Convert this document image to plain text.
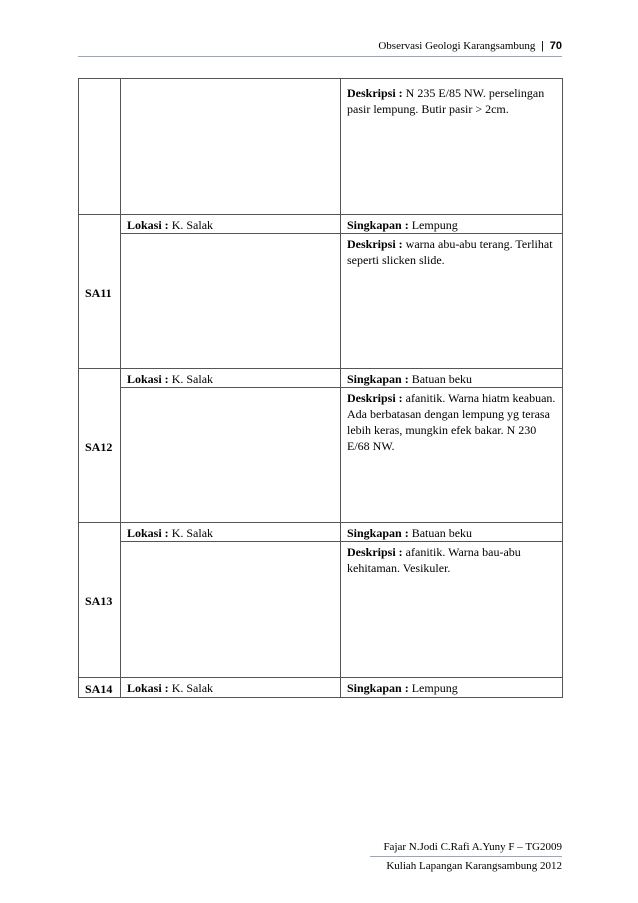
Observasi Geologi Karangsambung | 70
		Deskripsi : N 235 E/85 NW. perselingan pasir lempung. Butir pasir > 2cm.
SA11	Lokasi : K. Salak	Singkapan : Lempung
		Deskripsi : warna abu-abu terang. Terlihat seperti slicken slide.
SA12	Lokasi : K. Salak	Singkapan : Batuan beku
		Deskripsi : afanitik. Warna hiatm keabuan. Ada berbatasan dengan lempung yg terasa lebih keras, mungkin efek bakar. N 230 E/68 NW.
SA13	Lokasi : K. Salak	Singkapan : Batuan beku
		Deskripsi : afanitik. Warna bau-abu kehitaman. Vesikuler.
SA14	Lokasi : K. Salak	Singkapan : Lempung
Fajar N.Jodi C.Rafi A.Yuny F – TG2009
Kuliah Lapangan Karangsambung 2012
